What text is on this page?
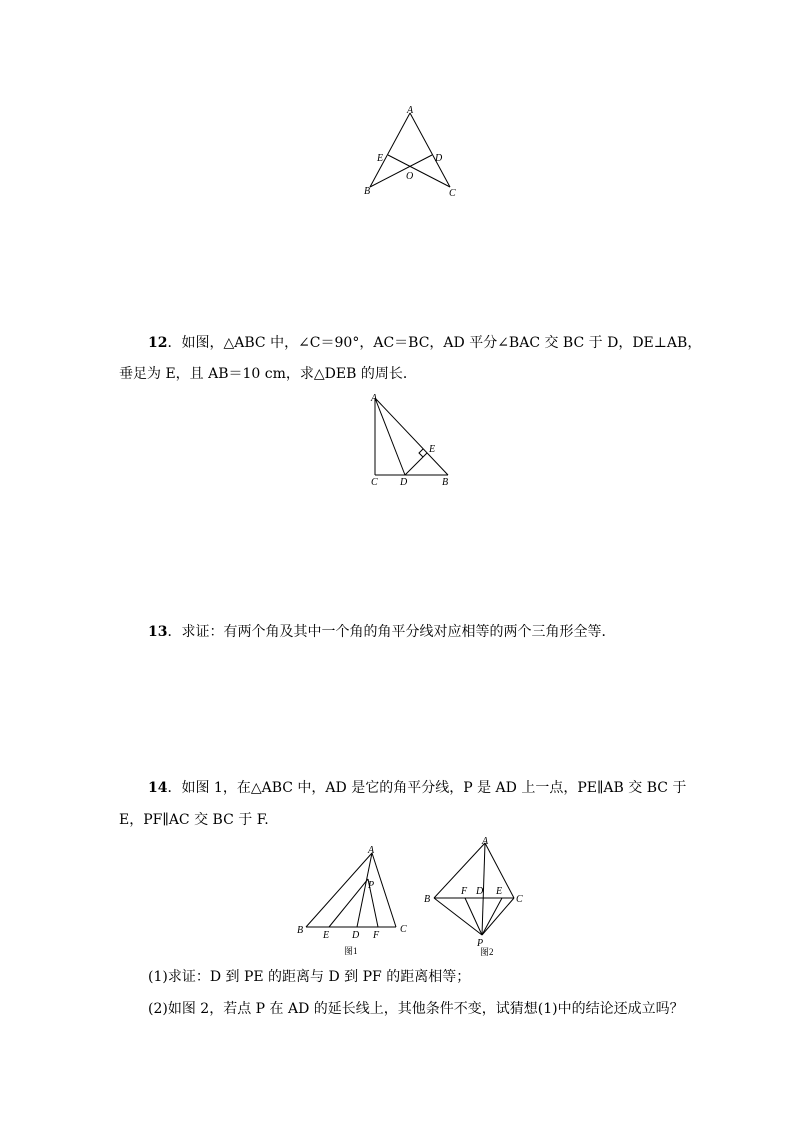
A
E	D
O
B	C
12．如图，△ABC 中，∠C＝90°，AC＝BC，AD 平分∠BAC 交 BC 于 D，DE⊥AB，
垂足为 E，且 AB＝10 cm，求△DEB 的周长．
A
E
C D	B
13．求证：有两个角及其中一个角的角平分线对应相等的两个三角形全等．
14．如图 1，在△ABC 中，AD 是它的角平分线，P 是 AD 上一点，PE∥AB 交 BC 于
E，PF∥AC 交 BC 于 F.
A
P
B E D F
C
图1
A
B
F D E
C
P
图2
(1)求证：D 到 PE 的距离与 D 到 PF 的距离相等；
(2)如图 2，若点 P 在 AD 的延长线上，其他条件不变，试猜想(1)中的结论还成立吗？
